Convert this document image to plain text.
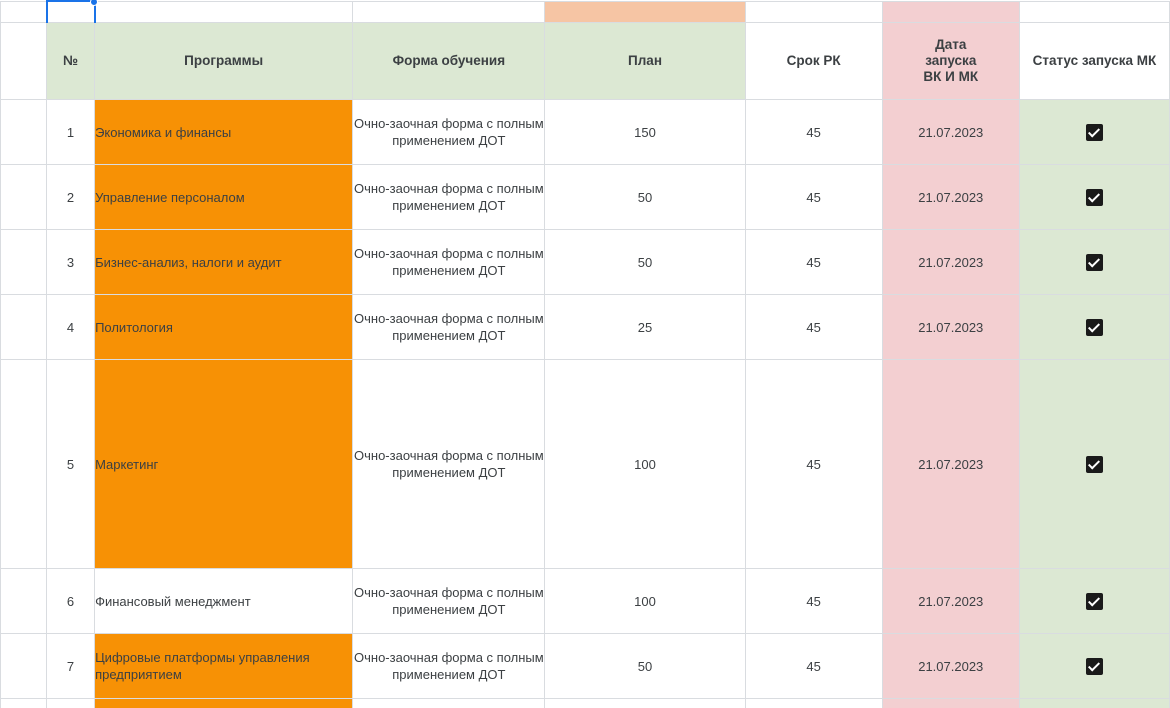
	№	Программы	Форма обучения	План	Срок РК	Дата
запуска
ВК И МК	Статус запуска МК
	1	Экономика и финансы	Очно-заочная форма с полным применением ДОТ	150	45	21.07.2023	
	2	Управление персоналом	Очно-заочная форма с полным применением ДОТ	50	45	21.07.2023	
	3	Бизнес-анализ, налоги и аудит	Очно-заочная форма с полным применением ДОТ	50	45	21.07.2023	
	4	Политология	Очно-заочная форма с полным применением ДОТ	25	45	21.07.2023	
	5	Маркетинг	Очно-заочная форма с полным применением ДОТ	100	45	21.07.2023	
	6	Финансовый менеджмент	Очно-заочная форма с полным применением ДОТ	100	45	21.07.2023	
	7	Цифровые платформы управления предприятием	Очно-заочная форма с полным применением ДОТ	50	45	21.07.2023	
